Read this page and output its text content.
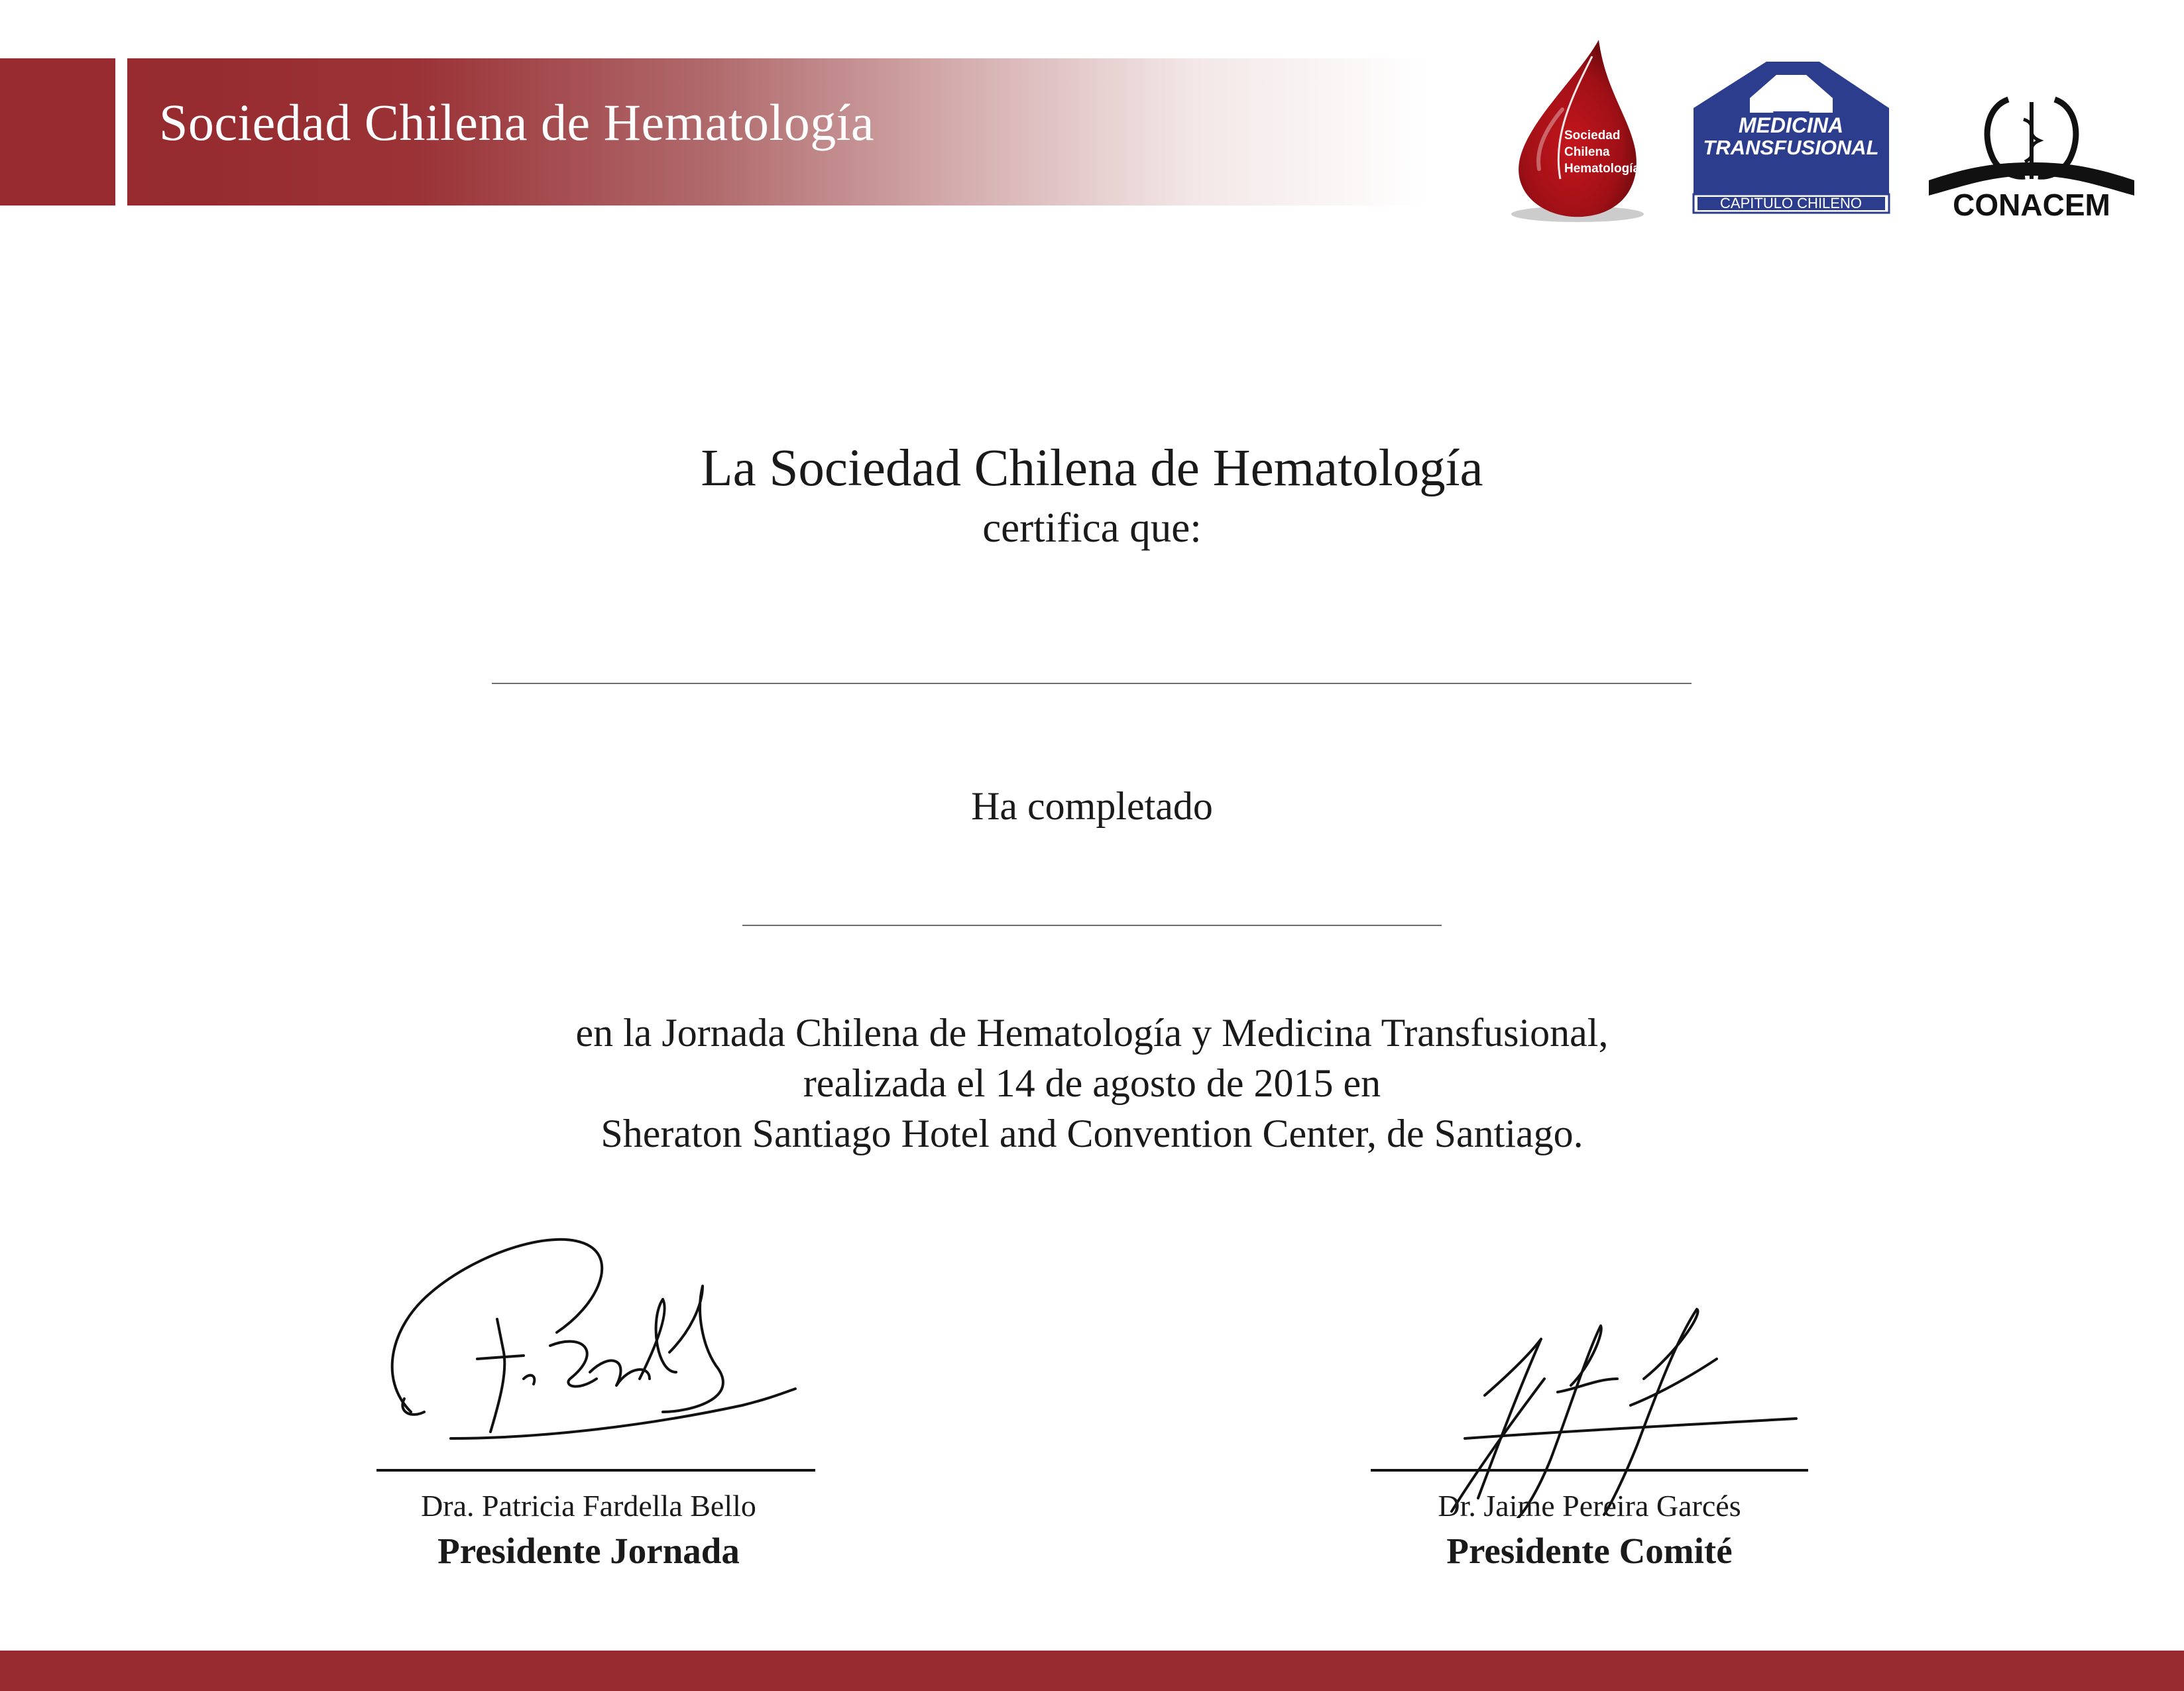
Sociedad Chilena de Hematología	Sociedad
Chilena
Hematología
MEDICINA
TRANSFUSIONAL
CAPITULO CHILENO	CONACEM
La Sociedad Chilena de Hematología
certifica que:
Ha completado
en la Jornada Chilena de Hematología y Medicina Transfusional,
realizada el 14 de agosto de 2015 en
Sheraton Santiago Hotel and Convention Center, de Santiago.
Dra. Patricia Fardella Bello
Presidente Jornada
Dr. Jaime Pereira Garcés
Presidente Comité
